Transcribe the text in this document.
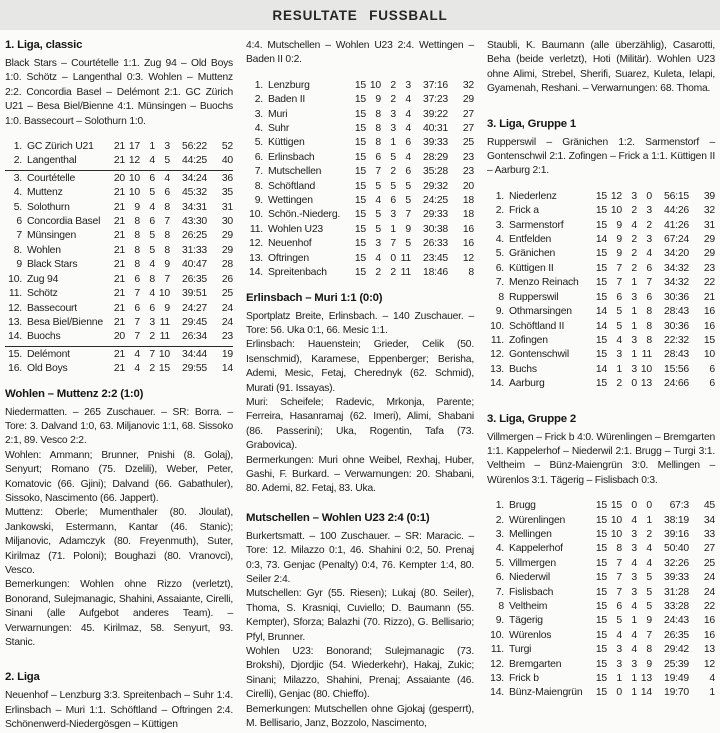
RESULTATE FUSSBALL
1. Liga, classic

Black Stars – Courtételle 1:1. Zug 94 – Old Boys 1:0. Schötz – Langenthal 0:3. Wohlen – Muttenz 2:2. Concordia Basel – Delémont 2:1. GC Zürich U21 – Besa Biel/Bienne 4:1. Münsingen – Buochs 1:0. Bassecourt – Solothurn 1:0.

1. GC Zürich U21	21 17 1 3	56:22	52
2. Langenthal	21 12 4 5	44:25	40
3. Courtételle	20 10 6 4	34:24	36
4. Muttenz	21 10 5 6	45:32	35
5. Solothurn	21 9 4 8	34:31	31
6 Concordia Basel	21 8 6 7	43:30	30
7 Münsingen	21 8 5 8	26:25	29
8. Wohlen	21 8 5 8	31:33	29
9 Black Stars	21 8 4 9	40:47	28
10. Zug 94	21 6 8 7	26:35	26
11. Schötz	21 7 4 10	39:51	25
12. Bassecourt	21 6 6 9	24:27	24
13. Besa Biel/Bienne	21 7 3 11	29:45	24
14. Buochs	20 7 2 11	26:34	23
15. Delémont	21 4 7 10	34:44	19
16. Old Boys	21 4 2 15	29:55	14
Wohlen – Muttenz 2:2 (1:0)

Niedermatten. – 265 Zuschauer. – SR: Borra. – Tore: 3. Dalvand 1:0, 63. Miljanovic 1:1, 68. Sissoko 2:1, 89. Vesco 2:2.

Wohlen: Ammann; Brunner, Pnishi (8. Golaj), Senyurt; Romano (75. Dzelili), Weber, Peter, Komatovic (66. Gjini); Dalvand (66. Gabathuler), Sissoko, Nascimento (66. Jappert).

Muttenz: Oberle; Mumenthaler (80. Jloulat), Jankowski, Estermann, Kantar (46. Stanic); Miljanovic, Adamczyk (80. Freyenmuth), Suter, Kirilmaz (71. Poloni); Boughazi (80. Vranovci), Vesco.

Bemerkungen: Wohlen ohne Rizzo (verletzt), Bonorand, Sulejmanagic, Shahini, Assaiante, Cirelli, Sinani (alle Aufgebot anderes Team). – Verwarnungen: 45. Kirilmaz, 58. Senyurt, 93. Stanic.

2. Liga

Neuenhof – Lenzburg 3:3. Spreitenbach – Suhr 1:4. Erlinsbach – Muri 1:1. Schöftland – Oftringen 2:4. Schönenwerd-Niedergösgen – Küttigen

4:4. Mutschellen – Wohlen U23 2:4. Wettingen – Baden II 0:2.

1. Lenzburg	15 10 2 3	37:16	32
2. Baden II	15 9 2 4	37:23	29
3. Muri	15 8 3 4	39:22	27
4. Suhr	15 8 3 4	40:31	27
5. Küttigen	15 8 1 6	39:33	25
6. Erlinsbach	15 6 5 4	28:29	23
7. Mutschellen	15 7 2 6	35:28	23
8. Schöftland	15 5 5 5	29:32	20
9. Wettingen	15 4 6 5	24:25	18
10. Schön.-Niederg.	15 5 3 7	29:33	18
11. Wohlen U23	15 5 1 9	30:38	16
12. Neuenhof	15 3 7 5	26:33	16
13. Oftringen	15 4 0 11	23:45	12
14. Spreitenbach	15 2 2 11	18:46	8
Erlinsbach – Muri 1:1 (0:0)

Sportplatz Breite, Erlinsbach. – 140 Zuschauer. – Tore: 56. Uka 0:1, 66. Mesic 1:1.

Erlinsbach: Hauenstein; Grieder, Celik (50. Isenschmid), Karamese, Eppenberger; Berisha, Ademi, Mesic, Fetaj, Cherednyk (62. Schmid), Murati (91. Issayas).

Muri: Scheifele; Radevic, Mrkonja, Parente; Ferreira, Hasanramaj (62. Imeri), Alimi, Shabani (86. Passerini); Uka, Rogentin, Tafa (73. Grabovica).

Bermerkungen: Muri ohne Weibel, Rexhaj, Huber, Gashi, F. Burkard. – Verwarnungen: 20. Shabani, 80. Ademi, 82. Fetaj, 83. Uka.

Mutschellen – Wohlen U23 2:4 (0:1)

Burkertsmatt. – 100 Zuschauer. – SR: Maracic. – Tore: 12. Milazzo 0:1, 46. Shahini 0:2, 50. Prenaj 0:3, 73. Genjac (Penalty) 0:4, 76. Kempter 1:4, 80. Seiler 2:4.

Mutschellen: Gyr (55. Riesen); Lukaj (80. Seiler), Thoma, S. Krasniqi, Cuviello; D. Baumann (55. Kempter), Sforza; Balazhi (70. Rizzo), G. Bellisario; Pfyl, Brunner.

Wohlen U23: Bonorand; Sulejmanagic (73. Brokshi), Djordjic (54. Wiederkehr), Hakaj, Zukic; Sinani; Milazzo, Shahini, Prenaj; Assaiante (46. Cirelli), Genjac (80. Chieffo).

Bemerkungen: Mutschellen ohne Gjokaj (gesperrt), M. Bellisario, Janz, Bozzolo, Nascimento,

Staubli, K. Baumann (alle überzählig), Casarotti, Beha (beide verletzt), Hoti (Militär). Wohlen U23 ohne Alimi, Strebel, Sherifi, Suarez, Kuleta, Ielapi, Gyamenah, Reshani. – Verwarnungen: 68. Thoma.

3. Liga, Gruppe 1

Rupperswil – Gränichen 1:2. Sarmenstorf – Gontenschwil 2:1. Zofingen – Frick a 1:1. Küttigen II – Aarburg 2:1.

1. Niederlenz	15 12 3 0	56:15	39
2. Frick a	15 10 2 3	44:26	32
3. Sarmenstorf	15 9 4 2	41:26	31
4. Entfelden	14 9 2 3	67:24	29
5. Gränichen	15 9 2 4	34:20	29
6. Küttigen II	15 7 2 6	34:32	23
7. Menzo Reinach	15 7 1 7	34:32	22
8 Rupperswil	15 6 3 6	30:36	21
9. Othmarsingen	14 5 1 8	28:43	16
10. Schöftland II	14 5 1 8	30:36	16
11. Zofingen	15 4 3 8	22:32	15
12. Gontenschwil	15 3 1 11	28:43	10
13. Buchs	14 1 3 10	15:56	6
14. Aarburg	15 2 0 13	24:66	6
3. Liga, Gruppe 2

Villmergen – Frick b 4:0. Würenlingen – Bremgarten 1:1. Kappelerhof – Niederwil 2:1. Brugg – Turgi 3:1. Veltheim – Bünz-Maiengrün 3:0. Mellingen – Würenlos 3:1. Tägerig – Fislisbach 0:3.

1. Brugg	15 15 0 0	67:3	45
2. Würenlingen	15 10 4 1	38:19	34
3. Mellingen	15 10 3 2	39:16	33
4. Kappelerhof	15 8 3 4	50:40	27
5. Villmergen	15 7 4 4	32:26	25
6. Niederwil	15 7 3 5	39:33	24
7. Fislisbach	15 7 3 5	31:28	24
8 Veltheim	15 6 4 5	33:28	22
9. Tägerig	15 5 1 9	24:43	16
10. Würenlos	15 4 4 7	26:35	16
11. Turgi	15 3 4 8	29:42	13
12. Bremgarten	15 3 3 9	25:39	12
13. Frick b	15 1 1 13	19:49	4
14. Bünz-Maiengrün	15 0 1 14	19:70	1
